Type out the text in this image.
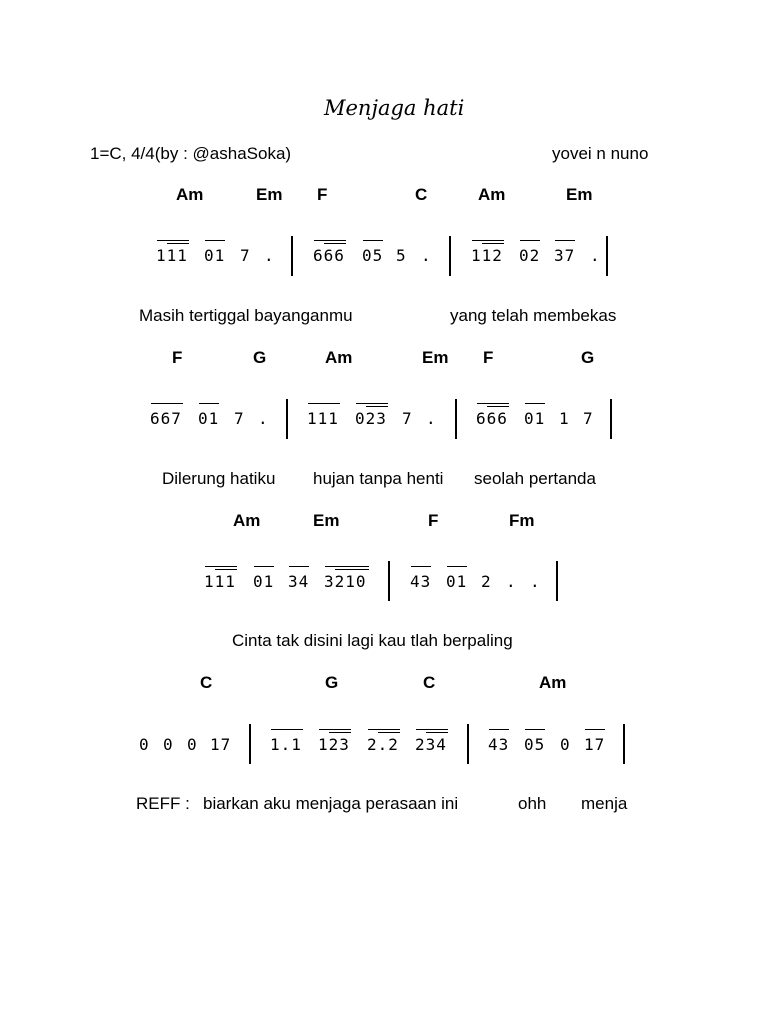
Menjaga hati
1=C, 4/4(by : @ashaSoka)	yovei n nuno
Am	Em F	C	Am	Em
111 01 7 . 666 05 5 . 112 02 37 .
Masih tertiggal bayanganmu	yang telah membekas
F	G	Am	Em F	G
667 01 7 . 111 023 7 . 666 01 1 7
Dilerung hatiku hujan tanpa henti seolah pertanda
Am	Em	F	Fm
111 01 34 3210	43 01 2 . .
Cinta tak disini lagi kau tlah berpaling
C	G	C	Am
0 0 0 17 1.1 123 2.2 234	43 05 0 17
REFF : biarkan aku menjaga perasaan ini	ohh menja
